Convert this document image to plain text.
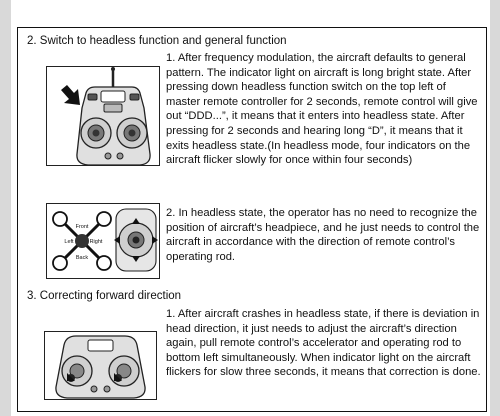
2. Switch to headless function and general function

1. After frequency modulation, the aircraft defaults to general pattern. The indicator light on aircraft is long bright state. After pressing down headless function switch on the top left of master remote controller for 2 seconds, remote control will give out “DDD...”, it means that it enters into headless state. After pressing for 2 seconds and hearing long “D”, it means that it exits headless state.(In headless mode, four indicators on the aircraft flicker slowly for once within four seconds)

Front
Left	Right
Back

2. In headless state, the operator has no need to recognize the position of aircraft’s headpiece, and he just needs to control the aircraft in accordance with the direction of remote control’s operating rod.

3. Correcting forward direction

1. After aircraft crashes in headless state, if there is deviation in head direction, it just needs to adjust the aircraft’s direction again, pull remote control’s accelerator and operating rod to bottom left simultaneously. When indicator light on the aircraft flickers for slow three seconds, it means that correction is done.
